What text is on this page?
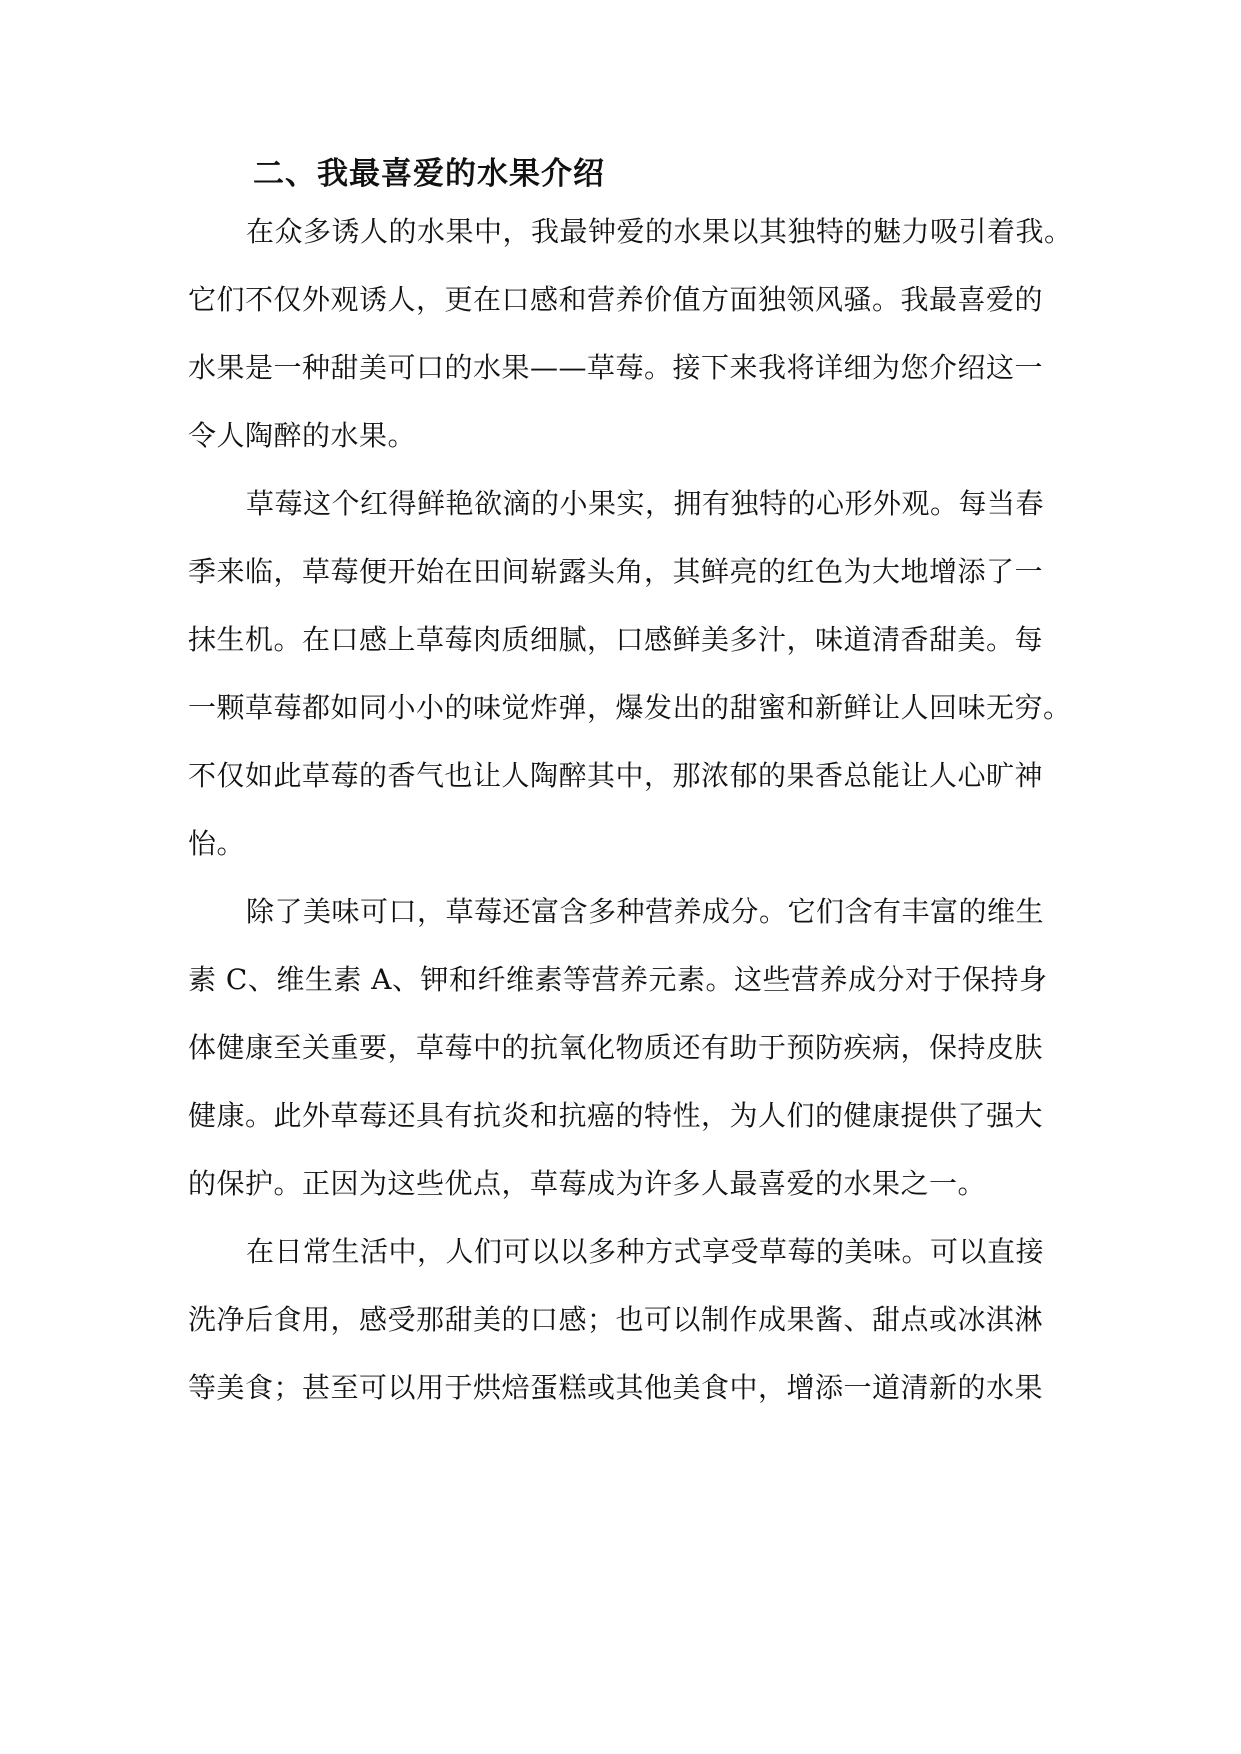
二、我最喜爱的水果介绍
在众多诱人的水果中，我最钟爱的水果以其独特的魅力吸引着我。
它们不仅外观诱人，更在口感和营养价值方面独领风骚。我最喜爱的
水果是一种甜美可口的水果——草莓。接下来我将详细为您介绍这一
令人陶醉的水果。
草莓这个红得鲜艳欲滴的小果实，拥有独特的心形外观。每当春
季来临，草莓便开始在田间崭露头角，其鲜亮的红色为大地增添了一
抹生机。在口感上草莓肉质细腻，口感鲜美多汁，味道清香甜美。每
一颗草莓都如同小小的味觉炸弹，爆发出的甜蜜和新鲜让人回味无穷。
不仅如此草莓的香气也让人陶醉其中，那浓郁的果香总能让人心旷神
怡。
除了美味可口，草莓还富含多种营养成分。它们含有丰富的维生
素 C、维生素 A、钾和纤维素等营养元素。这些营养成分对于保持身
体健康至关重要，草莓中的抗氧化物质还有助于预防疾病，保持皮肤
健康。此外草莓还具有抗炎和抗癌的特性，为人们的健康提供了强大
的保护。正因为这些优点，草莓成为许多人最喜爱的水果之一。
在日常生活中，人们可以以多种方式享受草莓的美味。可以直接
洗净后食用，感受那甜美的口感；也可以制作成果酱、甜点或冰淇淋
等美食；甚至可以用于烘焙蛋糕或其他美食中，增添一道清新的水果
